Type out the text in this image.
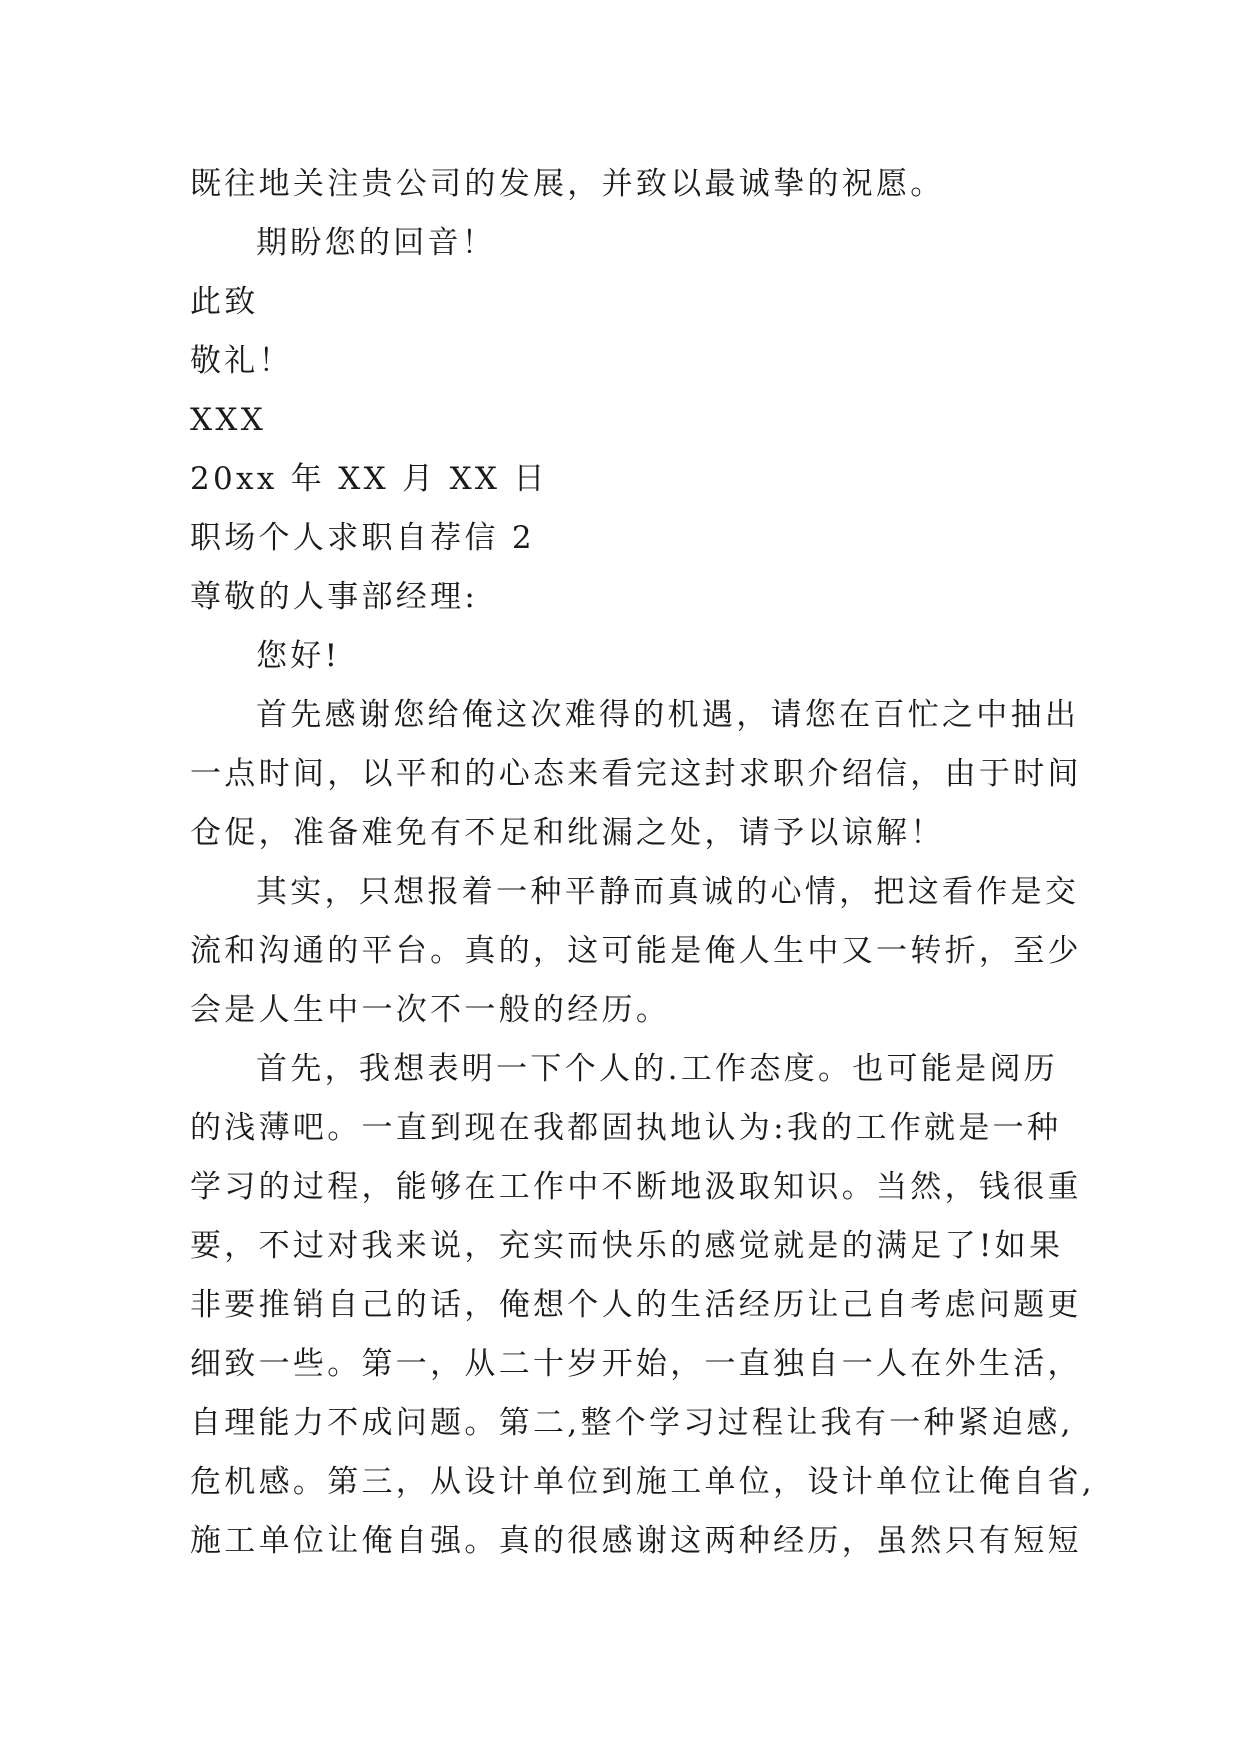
既往地关注贵公司的发展，并致以最诚挚的祝愿。
期盼您的回音！
此致
敬礼！
XXX
20xx 年 XX 月 XX 日
职场个人求职自荐信 2
尊敬的人事部经理:
您好!
首先感谢您给俺这次难得的机遇，请您在百忙之中抽出
一点时间，以平和的心态来看完这封求职介绍信，由于时间
仓促，准备难免有不足和纰漏之处，请予以谅解！
其实，只想报着一种平静而真诚的心情，把这看作是交
流和沟通的平台。真的，这可能是俺人生中又一转折，至少
会是人生中一次不一般的经历。
首先，我想表明一下个人的.工作态度。也可能是阅历
的浅薄吧。一直到现在我都固执地认为:我的工作就是一种
学习的过程，能够在工作中不断地汲取知识。当然，钱很重
要，不过对我来说，充实而快乐的感觉就是的满足了!如果
非要推销自己的话，俺想个人的生活经历让己自考虑问题更
细致一些。第一，从二十岁开始，一直独自一人在外生活，
自理能力不成问题。第二,整个学习过程让我有一种紧迫感,
危机感。第三，从设计单位到施工单位，设计单位让俺自省,
施工单位让俺自强。真的很感谢这两种经历，虽然只有短短
